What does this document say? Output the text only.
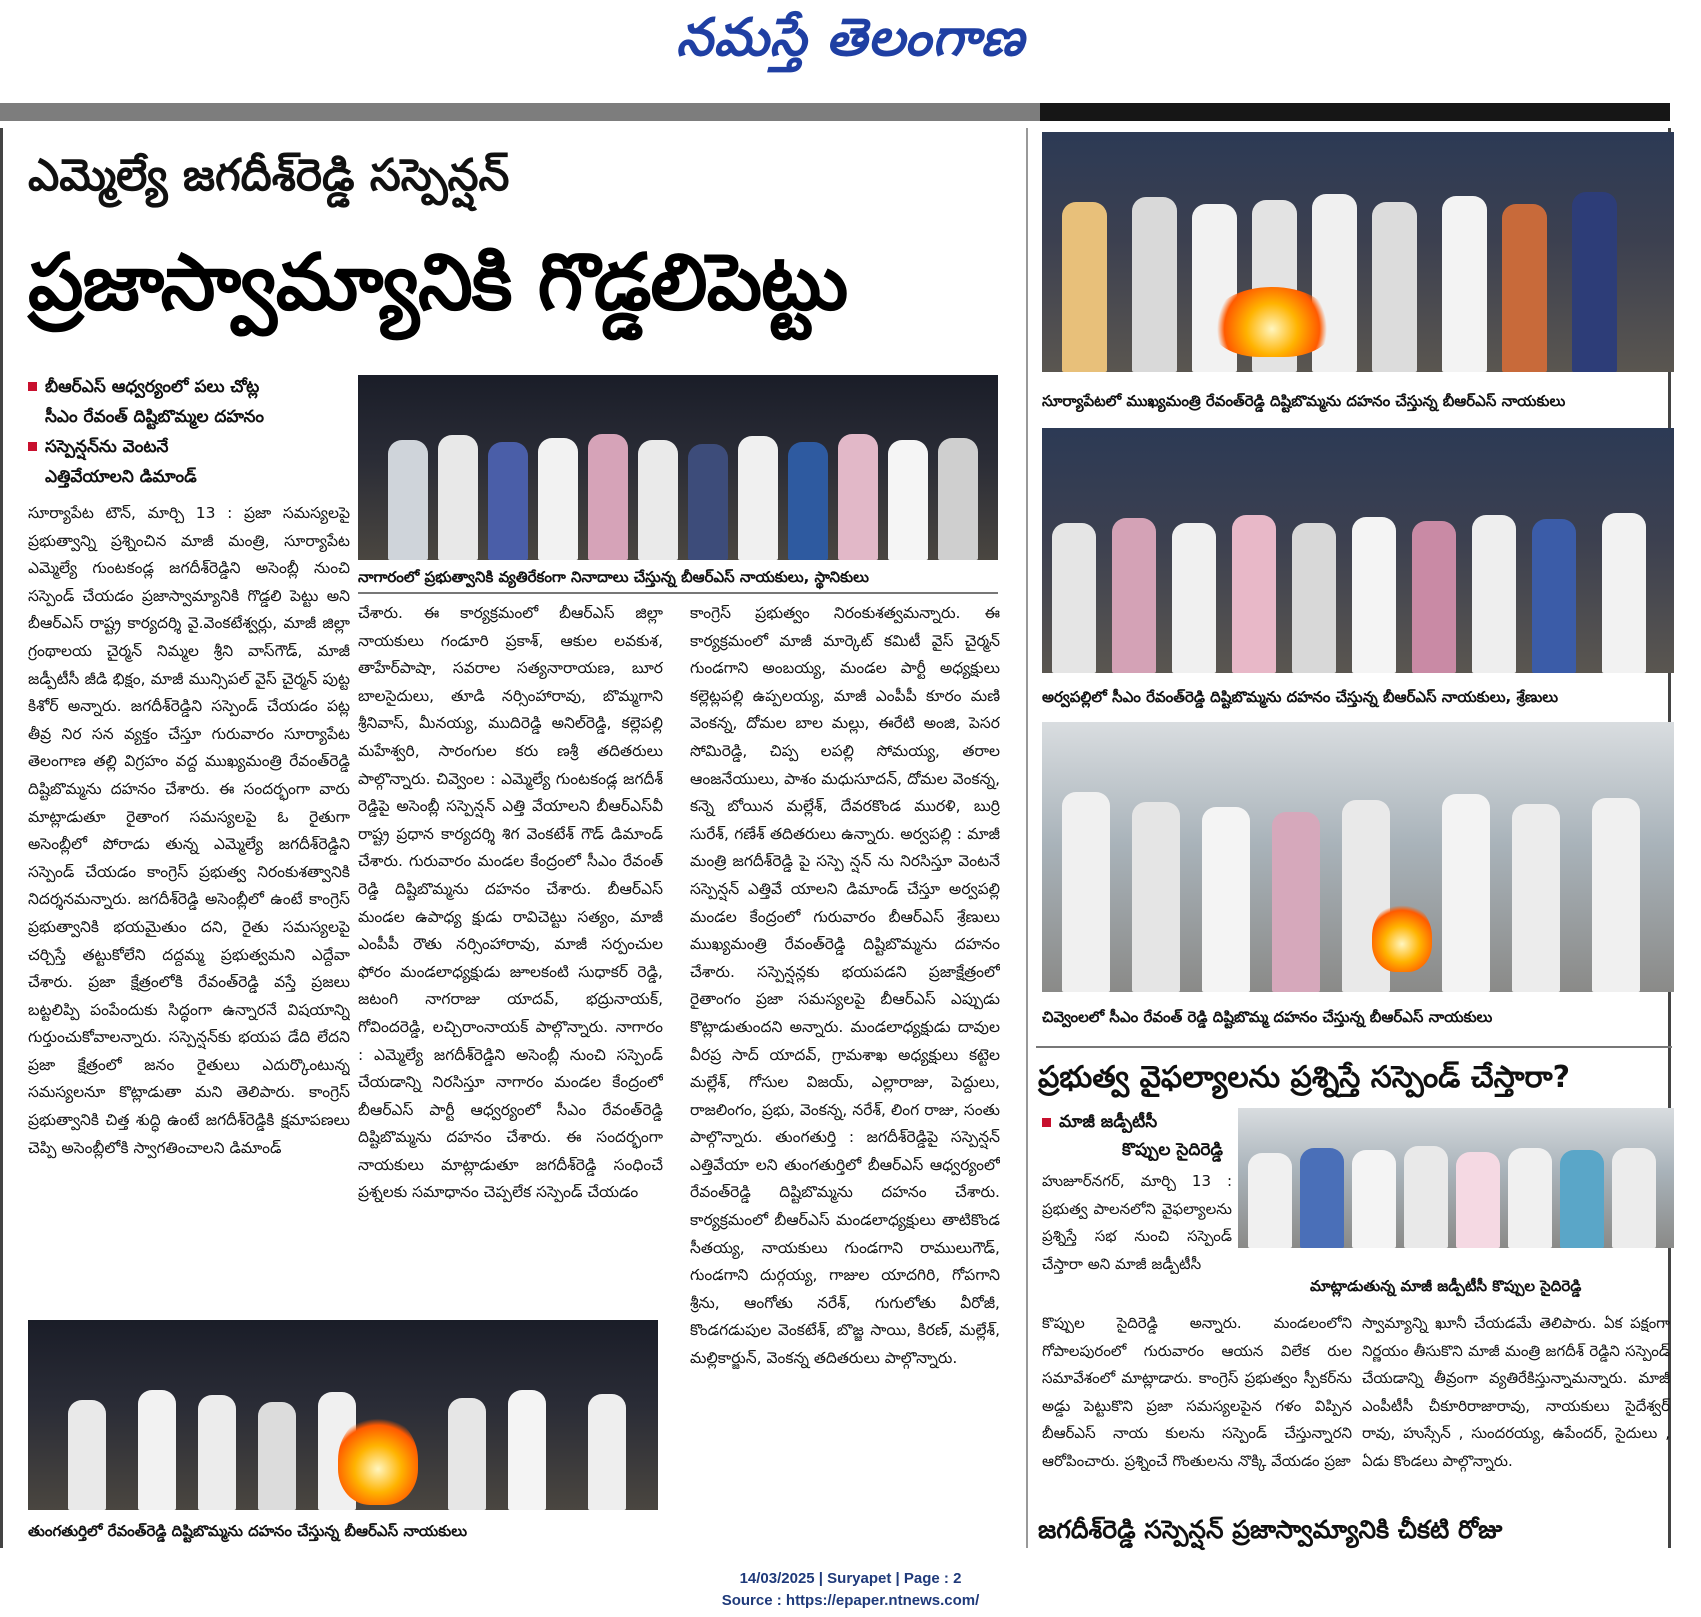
నమస్తే తెలంగాణ
ఎమ్మెల్యే జగదీశ్‌రెడ్డి సస్పెన్షన్
ప్రజాస్వామ్యానికి గొడ్డలిపెట్టు
బీఆర్‌ఎస్ ఆధ్వర్యంలో పలు చోట్ల
సీఎం రేవంత్ దిష్టిబొమ్మల దహనం
సస్పెన్షన్‌ను వెంటనే
ఎత్తివేయాలని డిమాండ్

సూర్యాపేట టౌన్, మార్చి 13 : ప్రజా సమస్యలపై ప్రభుత్వాన్ని ప్రశ్నించిన మాజీ మంత్రి, సూర్యాపేట ఎమ్మెల్యే గుంటకండ్ల జగదీశ్‌రెడ్డిని అసెంబ్లీ నుంచి సస్పెండ్ చేయడం ప్రజాస్వామ్యానికి గొడ్డలి పెట్టు అని బీఆర్‌ఎస్ రాష్ట్ర కార్యదర్శి వై.వెంకటేశ్వర్లు, మాజీ జిల్లా గ్రంథాలయ చైర్మన్ నిమ్మల శ్రీని వాస్‌గౌడ్, మాజీ జడ్పీటీసీ జీడి భిక్షం, మాజీ మున్సిపల్ వైస్ చైర్మన్ పుట్ట కిశోర్ అన్నారు. జగదీశ్‌రెడ్డిని సస్పెండ్ చేయడం పట్ల తీవ్ర నిర సన వ్యక్తం చేస్తూ గురువారం సూర్యాపేట తెలంగాణ తల్లి విగ్రహం వద్ద ముఖ్యమంత్రి రేవంత్‌రెడ్డి దిష్టిబొమ్మను దహనం చేశారు. ఈ సందర్భంగా వారు మాట్లాడుతూ రైతాంగ సమస్యలపై ఓ రైతుగా అసెంబ్లీలో పోరాడు తున్న ఎమ్మెల్యే జగదీశ్‌రెడ్డిని సస్పెండ్ చేయడం కాంగ్రెస్ ప్రభుత్వ నిరంకుశత్వానికి నిదర్శనమన్నారు. జగదీశ్‌రెడ్డి అసెంబ్లీలో ఉంటే కాంగ్రెస్ ప్రభుత్వానికి భయమైతుం దని, రైతు సమస్యలపై చర్చిస్తే తట్టుకోలేని దద్దమ్మ ప్రభుత్వమని ఎద్దేవా చేశారు. ప్రజా క్షేత్రంలోకి రేవంత్‌రెడ్డి వస్తే ప్రజలు బట్టలిప్పి పంపేందుకు సిద్ధంగా ఉన్నారనే విషయాన్ని గుర్తుంచుకోవాలన్నారు. సస్పెన్షన్‌కు భయప డేది లేదని ప్రజా క్షేత్రంలో జనం రైతులు ఎదుర్కొంటున్న సమస్యలనూ కొట్లాడుతా మని తెలిపారు. కాంగ్రెస్ ప్రభుత్వానికి చిత్త శుద్ధి ఉంటే జగదీశ్‌రెడ్డికి క్షమాపణలు చెప్పి అసెంబ్లీలోకి స్వాగతించాలని డిమాండ్

నాగారంలో ప్రభుత్వానికి వ్యతిరేకంగా నినాదాలు చేస్తున్న బీఆర్‌ఎస్ నాయకులు, స్థానికులు

చేశారు. ఈ కార్యక్రమంలో బీఆర్‌ఎస్ జిల్లా నాయకులు గండూరి ప్రకాశ్, ఆకుల లవకుశ, తాహేర్‌పాషా, సవరాల సత్యనారాయణ, బూర బాలసైదులు, తూడి నర్సింహారావు, బొమ్మగాని శ్రీనివాస్, మీనయ్య, ముదిరెడ్డి అనిల్‌రెడ్డి, కల్లెపల్లి మహేశ్వరి, సారంగుల కరు ణశ్రీ తదితరులు పాల్గొన్నారు. చివ్వెంల : ఎమ్మెల్యే గుంటకండ్ల జగదీశ్ రెడ్డిపై అసెంబ్లీ సస్పెన్షన్ ఎత్తి వేయాలని బీఆర్‌ఎస్‌వీ రాష్ట్ర ప్రధాన కార్యదర్శి శిగ వెంకటేశ్ గౌడ్ డిమాండ్ చేశారు. గురువారం మండల కేంద్రంలో సీఎం రేవంత్ రెడ్డి దిష్టిబొమ్మను దహనం చేశారు. బీఆర్‌ఎస్ మండల ఉపాధ్య క్షుడు రావిచెట్టు సత్యం, మాజీ ఎంపీపీ రౌతు నర్సింహారావు, మాజీ సర్పంచుల ఫోరం మండలాధ్యక్షుడు జూలకంటి సుధాకర్ రెడ్డి, జటంగి నాగరాజు యాదవ్, భద్రునాయక్, గోవిందరెడ్డి, లచ్చిరాంనాయక్ పాల్గొన్నారు. నాగారం : ఎమ్మెల్యే జగదీశ్‌రెడ్డిని అసెంబ్లీ నుంచి సస్పెండ్ చేయడాన్ని నిరసిస్తూ నాగారం మండల కేంద్రంలో బీఆర్‌ఎస్ పార్టీ ఆధ్వర్యంలో సీఎం రేవంత్‌రెడ్డి దిష్టిబొమ్మను దహనం చేశారు. ఈ సందర్భంగా నాయకులు మాట్లాడుతూ జగదీశ్‌రెడ్డి సంధించే ప్రశ్నలకు సమాధానం చెప్పలేక సస్పెండ్ చేయడం

కాంగ్రెస్ ప్రభుత్వం నిరంకుశత్వమన్నారు. ఈ కార్యక్రమంలో మాజీ మార్కెట్ కమిటీ వైస్ చైర్మన్ గుండగాని అంబయ్య, మండల పార్టీ అధ్యక్షులు కల్లెట్లపల్లి ఉప్పలయ్య, మాజీ ఎంపీపీ కూరం మణి వెంకన్న, దోమల బాల మల్లు, ఈరేటి అంజి, పెసర సోమిరెడ్డి, చిప్ప లపల్లి సోమయ్య, తరాల ఆంజనేయులు, పాశం మధుసూదన్, దోమల వెంకన్న, కన్నె బోయిన మల్లేశ్, దేవరకొండ మురళి, బుర్రి సురేశ్, గణేశ్ తదితరులు ఉన్నారు. అర్వపల్లి : మాజీ మంత్రి జగదీశ్‌రెడ్డి పై సస్పె న్షన్ ను నిరసిస్తూ వెంటనే సస్పెన్షన్ ఎత్తివే యాలని డిమాండ్ చేస్తూ అర్వపల్లి మండల కేంద్రంలో గురువారం బీఆర్‌ఎస్ శ్రేణులు ముఖ్యమంత్రి రేవంత్‌రెడ్డి దిష్టిబొమ్మను దహనం చేశారు. సస్పెన్షన్లకు భయపడని ప్రజాక్షేత్రంలో రైతాంగం ప్రజా సమస్యలపై బీఆర్‌ఎస్ ఎప్పుడు కొట్లాడుతుందని అన్నారు. మండలాధ్యక్షుడు దావుల వీరప్ర సాద్ యాదవ్, గ్రామశాఖ అధ్యక్షులు కట్టెల మల్లేశ్, గోసుల విజయ్, ఎల్లారాజు, పెద్దులు, రాజలింగం, ప్రభు, వెంకన్న, నరేశ్, లింగ రాజు, సంతు పాల్గొన్నారు. తుంగతుర్తి : జగదీశ్‌రెడ్డిపై సస్పెన్షన్ ఎత్తివేయా లని తుంగతుర్తిలో బీఆర్‌ఎస్ ఆధ్వర్యంలో రేవంత్‌రెడ్డి దిష్టిబొమ్మను దహనం చేశారు. కార్యక్రమంలో బీఆర్‌ఎస్ మండలాధ్యక్షులు తాటికొండ సీతయ్య, నాయకులు గుండగాని రాములుగౌడ్, గుండగాని దుర్గయ్య, గాజుల యాదగిరి, గోపగాని శ్రీను, ఆంగోతు నరేశ్, గుగులోతు వీరోజీ, కొండగడుపుల వెంకటేశ్, బొజ్జ సాయి, కిరణ్, మల్లేశ్, మల్లికార్జున్, వెంకన్న తదితరులు పాల్గొన్నారు.

తుంగతుర్తిలో రేవంత్‌రెడ్డి దిష్టిబొమ్మను దహనం చేస్తున్న బీఆర్‌ఎస్ నాయకులు
సూర్యాపేటలో ముఖ్యమంత్రి రేవంత్‌రెడ్డి దిష్టిబొమ్మను దహనం చేస్తున్న బీఆర్‌ఎస్ నాయకులు
అర్వపల్లిలో సీఎం రేవంత్‌రెడ్డి దిష్టిబొమ్మను దహనం చేస్తున్న బీఆర్‌ఎస్ నాయకులు, శ్రేణులు
చివ్వెంలలో సీఎం రేవంత్ రెడ్డి దిష్టిబొమ్మ దహనం చేస్తున్న బీఆర్‌ఎస్ నాయకులు
ప్రభుత్వ వైఫల్యాలను ప్రశ్నిస్తే సస్పెండ్ చేస్తారా?
మాజీ జడ్పీటీసీ
కొప్పుల సైదిరెడ్డి

హుజూర్‌నగర్, మార్చి 13 : ప్రభుత్వ పాలనలోని వైఫల్యాలను ప్రశ్నిస్తే సభ నుంచి సస్పెండ్ చేస్తారా అని మాజీ జడ్పీటీసీ

మాట్లాడుతున్న మాజీ జడ్పీటీసీ కొప్పుల సైదిరెడ్డి

కొప్పుల సైదిరెడ్డి అన్నారు. మండలంలోని గోపాలపురంలో గురువారం ఆయన విలేక రుల సమావేశంలో మాట్లాడారు. కాంగ్రెస్ ప్రభుత్వం స్పీకర్‌ను అడ్డు పెట్టుకొని ప్రజా సమస్యలపైన గళం విప్పిన బీఆర్‌ఎస్ నాయ కులను సస్పెండ్ చేస్తున్నారని ఆరోపించారు. ప్రశ్నించే గొంతులను నొక్కి వేయడం ప్రజా

స్వామ్యాన్ని ఖూనీ చేయడమే తెలిపారు. ఏక పక్షంగా నిర్ణయం తీసుకొని మాజీ మంత్రి జగదీశ్ రెడ్డిని సస్పెండ్ చేయడాన్ని తీవ్రంగా వ్యతిరేకిస్తున్నామన్నారు. మాజీ ఎంపీటీసీ చీకూరిరాజారావు, నాయకులు సైదేశ్వర్ రావు, హుస్సేన్ , సుందరయ్య, ఉపేందర్, సైదులు , ఏడు కొండలు పాల్గొన్నారు.

జగదీశ్‌రెడ్డి సస్పెన్షన్ ప్రజాస్వామ్యానికి చీకటి రోజు
14/03/2025 | Suryapet | Page : 2
Source : https://epaper.ntnews.com/
